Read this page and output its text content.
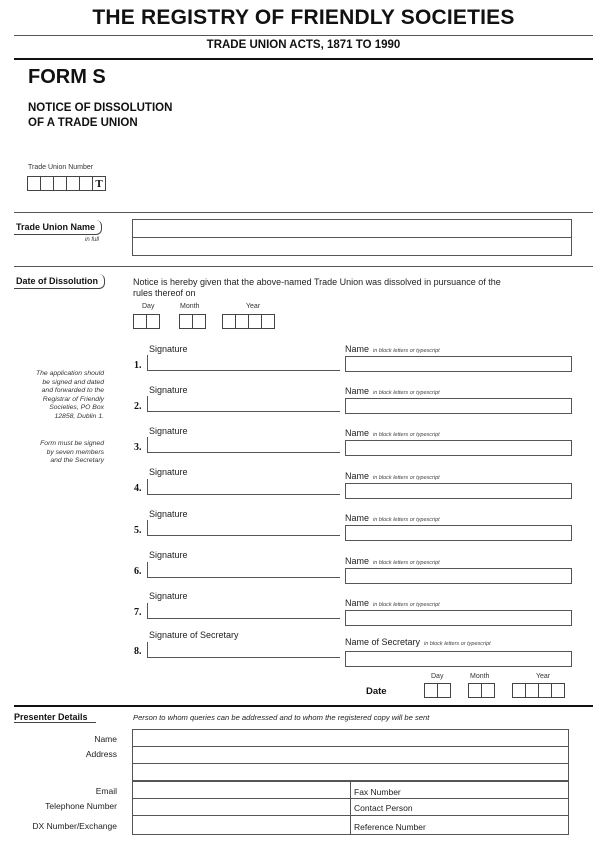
THE REGISTRY OF FRIENDLY SOCIETIES
TRADE UNION ACTS, 1871 TO 1990
FORM S
NOTICE OF DISSOLUTION
OF A TRADE UNION
Trade Union Number
T
Trade Union Name
in full
Date of Dissolution	Notice is hereby given that the above-named Trade Union was dissolved in pursuance of the
rules thereof on
Day	Month	Year
The application should
be signed and dated
and forwarded to the
Registrar of Friendly
Societies, PO Box
12858, Dublin 1.
Form must be signed
by seven members
and the Secretary
Signature
1.
Name in block letters or typescript
Signature
2.
Name in block letters or typescript
Signature
3.
Name in block letters or typescript
Signature
4.
Name in block letters or typescript
Signature
5.
Name in block letters or typescript
Signature
6.
Name in block letters or typescript
Signature
7.
Name in block letters or typescript
Signature of Secretary
8.
Name of Secretary in block letters or typescript
Day	Month	Year
Date
Presenter Details	Person to whom queries can be addressed and to whom the registered copy will be sent
Name
Address
Email	Fax Number
Telephone Number	Contact Person
DX Number/Exchange	Reference Number
